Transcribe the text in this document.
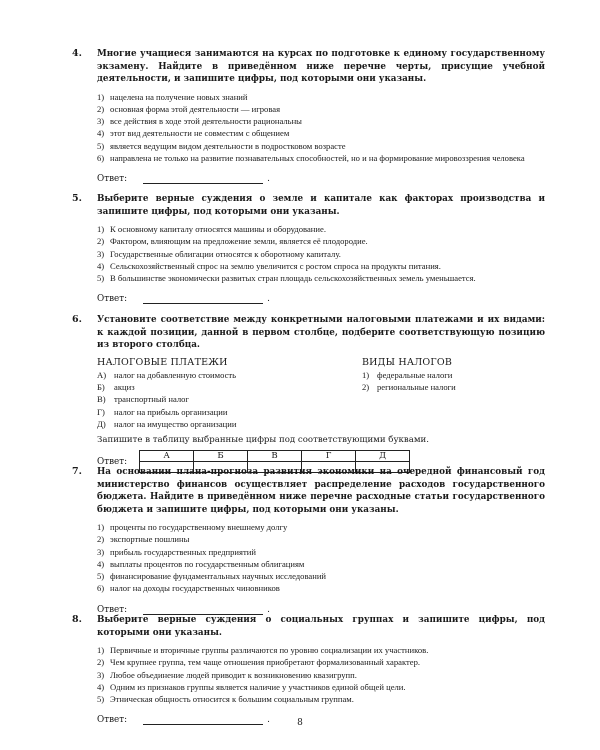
4. Многие учащиеся занимаются на курсах по подготовке к единому государственному экзамену. Найдите в приведённом ниже перечне черты, присущие учебной деятельности, и запишите цифры, под которыми они указаны.

1) нацелена на получение новых знаний
2) основная форма этой деятельности — игровая
3) все действия в ходе этой деятельности рациональны
4) этот вид деятельности не совместим с общением
5) является ведущим видом деятельности в подростковом возрасте
6) направлена не только на развитие познавательных способностей, но и на формирование мировоззрения человека
Ответ:	.
5. Выберите верные суждения о земле и капитале как факторах производства и запишите цифры, под которыми они указаны.

1) К основному капиталу относятся машины и оборудование.
2) Фактором, влияющим на предложение земли, является её плодородие.
3) Государственные облигации относятся к оборотному капиталу.
4) Сельскохозяйственный спрос на землю увеличится с ростом спроса на продукты питания.
5) В большинстве экономически развитых стран площадь сельскохозяйственных земель уменьшается.
Ответ:	.
6. Установите соответствие между конкретными налоговыми платежами и их видами: к каждой позиции, данной в первом столбце, подберите соответствующую позицию из второго столбца.

НАЛОГОВЫЕ ПЛАТЕЖИ
А) налог на добавленную стоимость
Б)	акциз
В) транспортный налог
Г)	налог на прибыль организации
Д) налог на имущество организации
ВИДЫ НАЛОГОВ
1) федеральные налоги
2) региональные налоги
Запишите в таблицу выбранные цифры под соответствующими буквами.
Ответ:
А	Б	В	Г	Д

7. На основании плана-прогноза развития экономики на очередной финансовый год министерство финансов осуществляет распределение расходов государственного бюджета. Найдите в приведённом ниже перечне расходные статьи государственного бюджета и запишите цифры, под которыми они указаны.

1) проценты по государственному внешнему долгу
2) экспортные пошлины
3) прибыль государственных предприятий
4) выплаты процентов по государственным облигациям
5) финансирование фундаментальных научных исследований
6) налог на доходы государственных чиновников
Ответ:	.
8. Выберите верные суждения о социальных группах и запишите цифры, под которыми они указаны.

1) Первичные и вторичные группы различаются по уровню социализации их участников.
2) Чем крупнее группа, тем чаще отношения приобретают формализованный характер.
3) Любое объединение людей приводит к возникновению квазигрупп.
4) Одним из признаков группы является наличие у участников единой общей цели.
5) Этническая общность относится к большим социальным группам.
Ответ:	.	8
